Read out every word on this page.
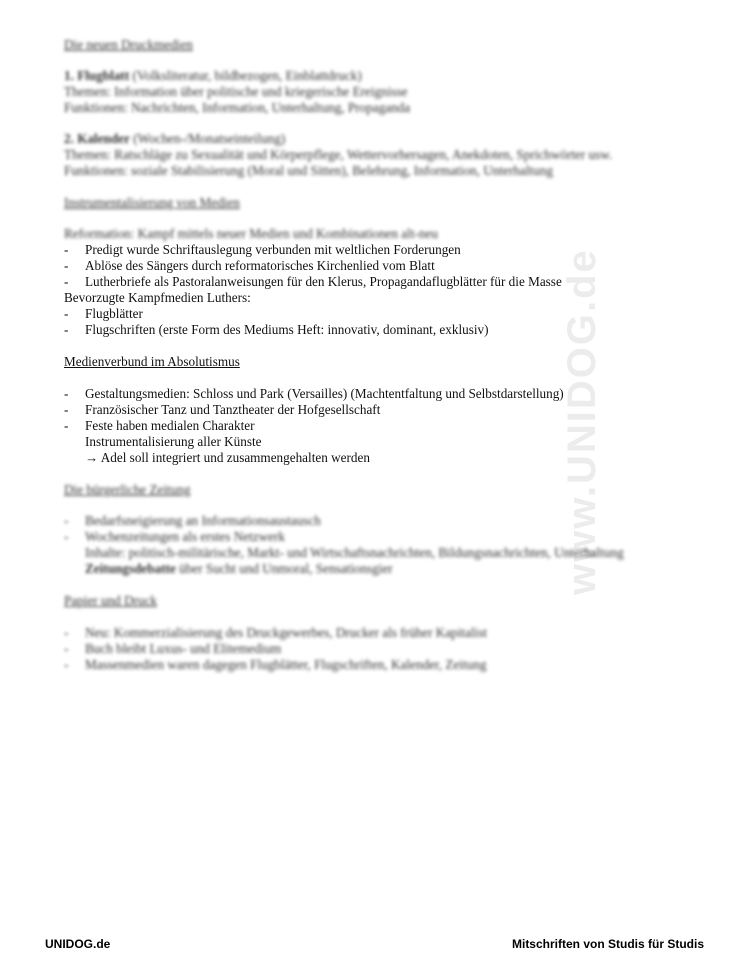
www.UNIDOG.de
Die neuen Druckmedien
1. Flugblatt (Volksliteratur, bildbezogen, Einblattdruck)
Themen: Information über politische und kriegerische Ereignisse
Funktionen: Nachrichten, Information, Unterhaltung, Propaganda
2. Kalender (Wochen-/Monatseinteilung)
Themen: Ratschläge zu Sexualität und Körperpflege, Wettervorhersagen, Anekdoten, Sprichwörter usw.
Funktionen: soziale Stabilisierung (Moral und Sitten), Belehrung, Information, Unterhaltung
Instrumentalisierung von Medien
Reformation: Kampf mittels neuer Medien und Kombinationen alt-neu
- Predigt wurde Schriftauslegung verbunden mit weltlichen Forderungen
- Ablöse des Sängers durch reformatorisches Kirchenlied vom Blatt
- Lutherbriefe als Pastoralanweisungen für den Klerus, Propagandaflugblätter für die Masse
Bevorzugte Kampfmedien Luthers:
- Flugblätter
- Flugschriften (erste Form des Mediums Heft: innovativ, dominant, exklusiv)
Medienverbund im Absolutismus
- Gestaltungsmedien: Schloss und Park (Versailles) (Machtentfaltung und Selbstdarstellung)
- Französischer Tanz und Tanztheater der Hofgesellschaft
- Feste haben medialen Charakter
Instrumentalisierung aller Künste
→ Adel soll integriert und zusammengehalten werden
Die bürgerliche Zeitung
- Bedarfsneigierung an Informationsaustausch
- Wochenzeitungen als erstes Netzwerk
Inhalte: politisch-militärische, Markt- und Wirtschaftsnachrichten, Bildungsnachrichten, Unterhaltung
Zeitungsdebatte über Sucht und Unmoral, Sensationsgier
Papier und Druck
- Neu: Kommerzialisierung des Druckgewerbes, Drucker als früher Kapitalist
- Buch bleibt Luxus- und Elitemedium
- Massenmedien waren dagegen Flugblätter, Flugschriften, Kalender, Zeitung
UNIDOG.de	Mitschriften von Studis für Studis
